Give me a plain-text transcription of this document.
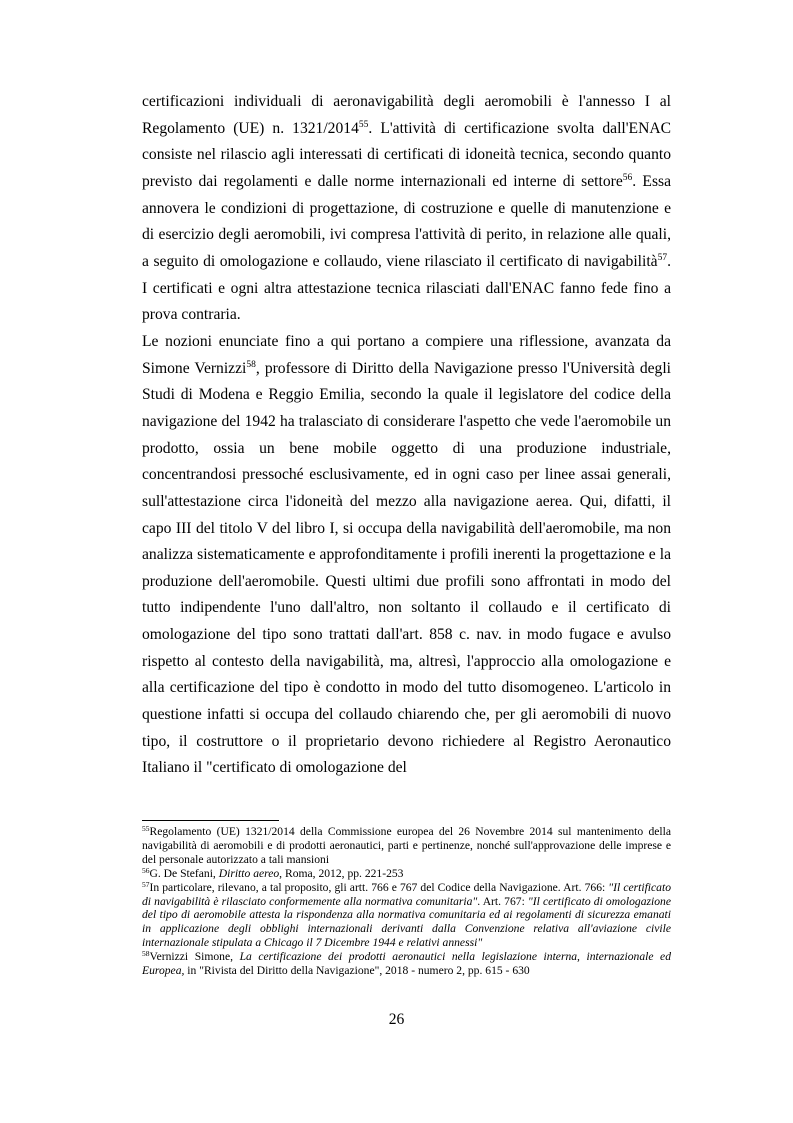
certificazioni individuali di aeronavigabilità degli aeromobili è l'annesso I al Regolamento (UE) n. 1321/2014$^{55}$. L'attività di certificazione svolta dall'ENAC consiste nel rilascio agli interessati di certificati di idoneità tecnica, secondo quanto previsto dai regolamenti e dalle norme internazionali ed interne di settore$^{56}$. Essa annovera le condizioni di progettazione, di costruzione e quelle di manutenzione e di esercizio degli aeromobili, ivi compresa l'attività di perito, in relazione alle quali, a seguito di omologazione e collaudo, viene rilasciato il certificato di navigabilità$^{57}$. I certificati e ogni altra attestazione tecnica rilasciati dall'ENAC fanno fede fino a prova contraria.

Le nozioni enunciate fino a qui portano a compiere una riflessione, avanzata da Simone Vernizzi$^{58}$, professore di Diritto della Navigazione presso l'Università degli Studi di Modena e Reggio Emilia, secondo la quale il legislatore del codice della navigazione del 1942 ha tralasciato di considerare l'aspetto che vede l'aeromobile un prodotto, ossia un bene mobile oggetto di una produzione industriale, concentrandosi pressoché esclusivamente, ed in ogni caso per linee assai generali, sull'attestazione circa l'idoneità del mezzo alla navigazione aerea. Qui, difatti, il capo III del titolo V del libro I, si occupa della navigabilità dell'aeromobile, ma non analizza sistematicamente e approfonditamente i profili inerenti la progettazione e la produzione dell'aeromobile. Questi ultimi due profili sono affrontati in modo del tutto indipendente l'uno dall'altro, non soltanto il collaudo e il certificato di omologazione del tipo sono trattati dall'art. 858 c. nav. in modo fugace e avulso rispetto al contesto della navigabilità, ma, altresì, l'approccio alla omologazione e alla certificazione del tipo è condotto in modo del tutto disomogeneo. L'articolo in questione infatti si occupa del collaudo chiarendo che, per gli aeromobili di nuovo tipo, il costruttore o il proprietario devono richiedere al Registro Aeronautico Italiano il "certificato di omologazione del

$^{55}$Regolamento (UE) 1321/2014 della Commissione europea del 26 Novembre 2014 sul mantenimento della navigabilità di aeromobili e di prodotti aeronautici, parti e pertinenze, nonché sull'approvazione delle imprese e del personale autorizzato a tali mansioni

$^{56}$G. De Stefani, Diritto aereo, Roma, 2012, pp. 221-253

$^{57}$In particolare, rilevano, a tal proposito, gli artt. 766 e 767 del Codice della Navigazione. Art. 766: "Il certificato di navigabilità è rilasciato conformemente alla normativa comunitaria". Art. 767: "Il certificato di omologazione del tipo di aeromobile attesta la rispondenza alla normativa comunitaria ed ai regolamenti di sicurezza emanati in applicazione degli obblighi internazionali derivanti dalla Convenzione relativa all'aviazione civile internazionale stipulata a Chicago il 7 Dicembre 1944 e relativi annessi"

$^{58}$Vernizzi Simone, La certificazione dei prodotti aeronautici nella legislazione interna, internazionale ed Europea, in "Rivista del Diritto della Navigazione", 2018 - numero 2, pp. 615 - 630

26
